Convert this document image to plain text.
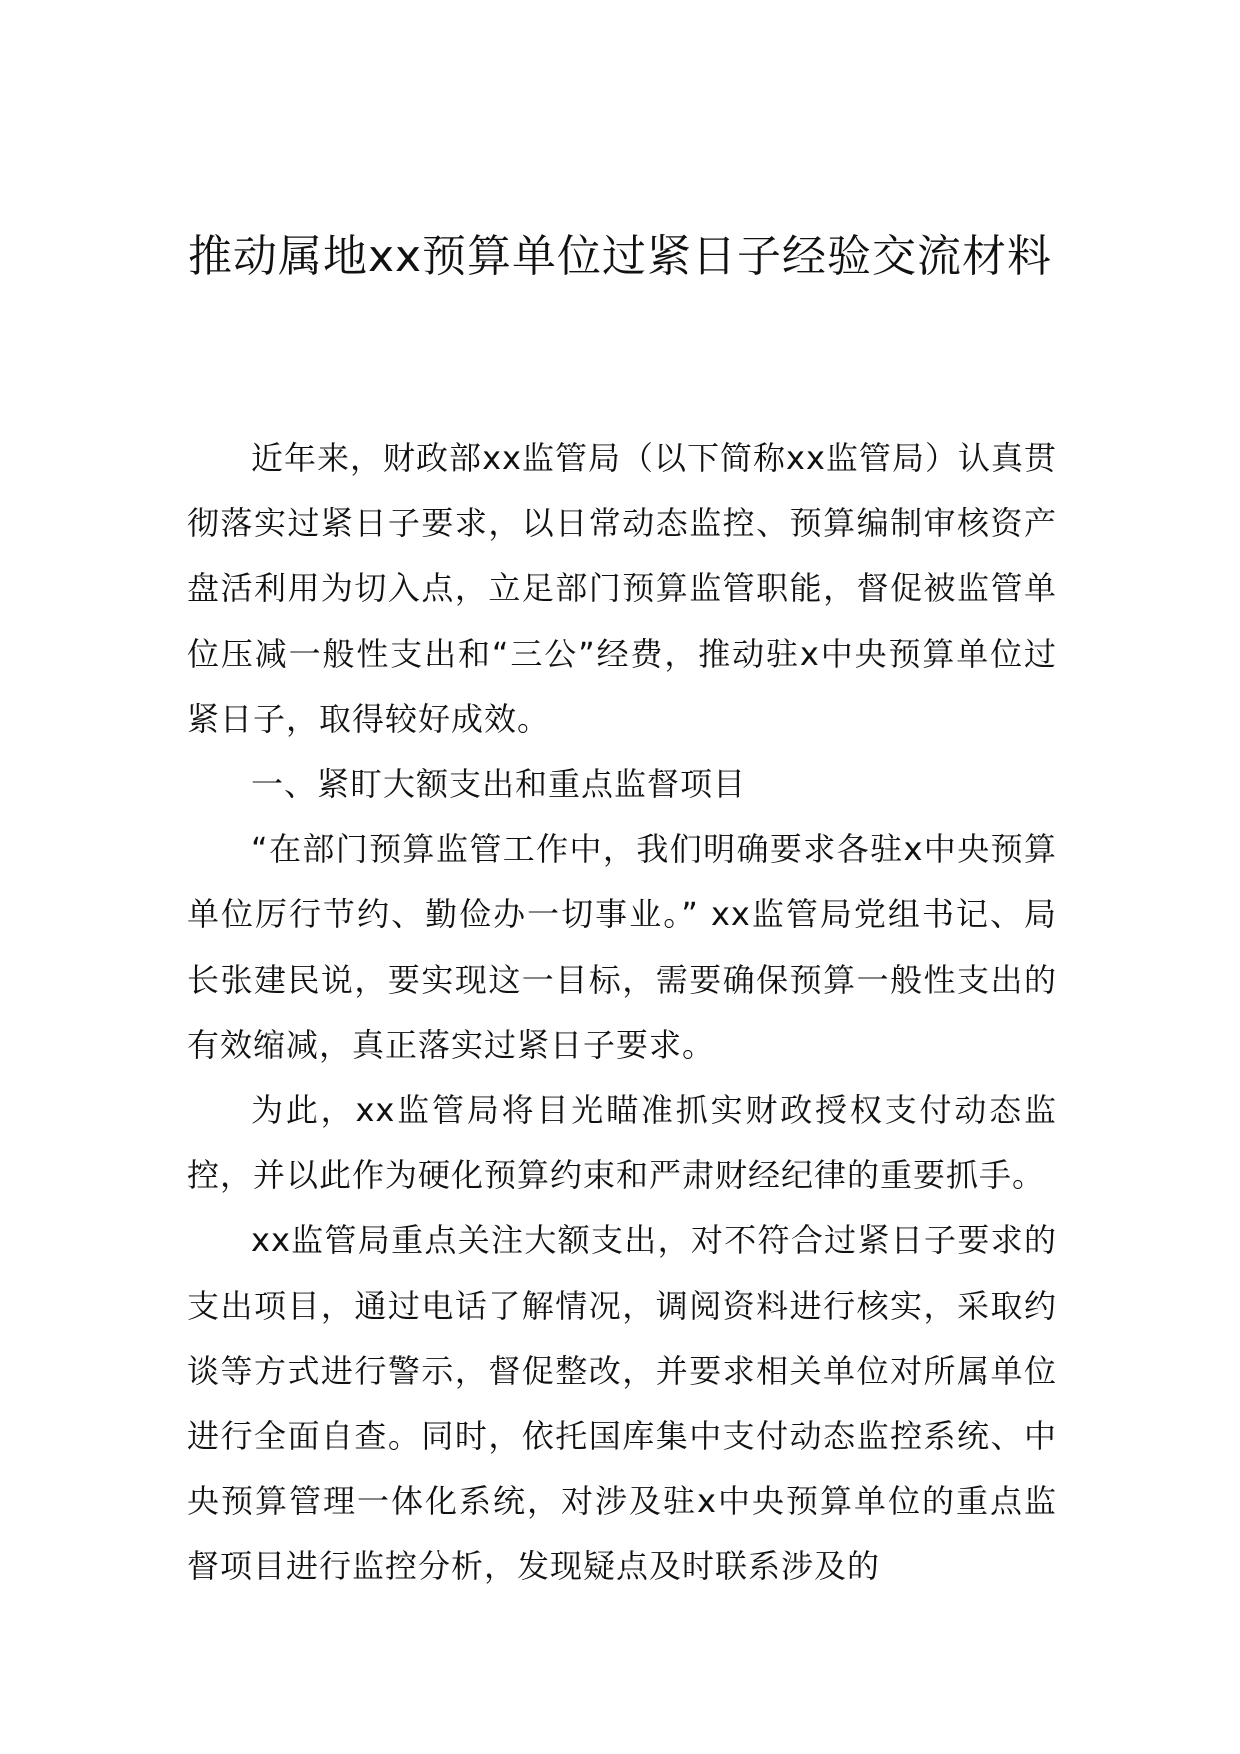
推动属地xx预算单位过紧日子经验交流材料

近年来，财政部xx监管局（以下简称xx监管局）认真贯彻落实过紧日子要求，以日常动态监控、预算编制审核资产盘活利用为切入点，立足部门预算监管职能，督促被监管单位压减一般性支出和“三公”经费，推动驻x中央预算单位过紧日子，取得较好成效。

一、紧盯大额支出和重点监督项目

“在部门预算监管工作中，我们明确要求各驻x中央预算单位厉行节约、勤俭办一切事业。” xx监管局党组书记、局长张建民说，要实现这一目标，需要确保预算一般性支出的有效缩减，真正落实过紧日子要求。

为此，xx监管局将目光瞄准抓实财政授权支付动态监控，并以此作为硬化预算约束和严肃财经纪律的重要抓手。

xx监管局重点关注大额支出，对不符合过紧日子要求的支出项目，通过电话了解情况，调阅资料进行核实，采取约谈等方式进行警示，督促整改，并要求相关单位对所属单位进行全面自查。同时，依托国库集中支付动态监控系统、中央预算管理一体化系统，对涉及驻x中央预算单位的重点监督项目进行监控分析，发现疑点及时联系涉及的
